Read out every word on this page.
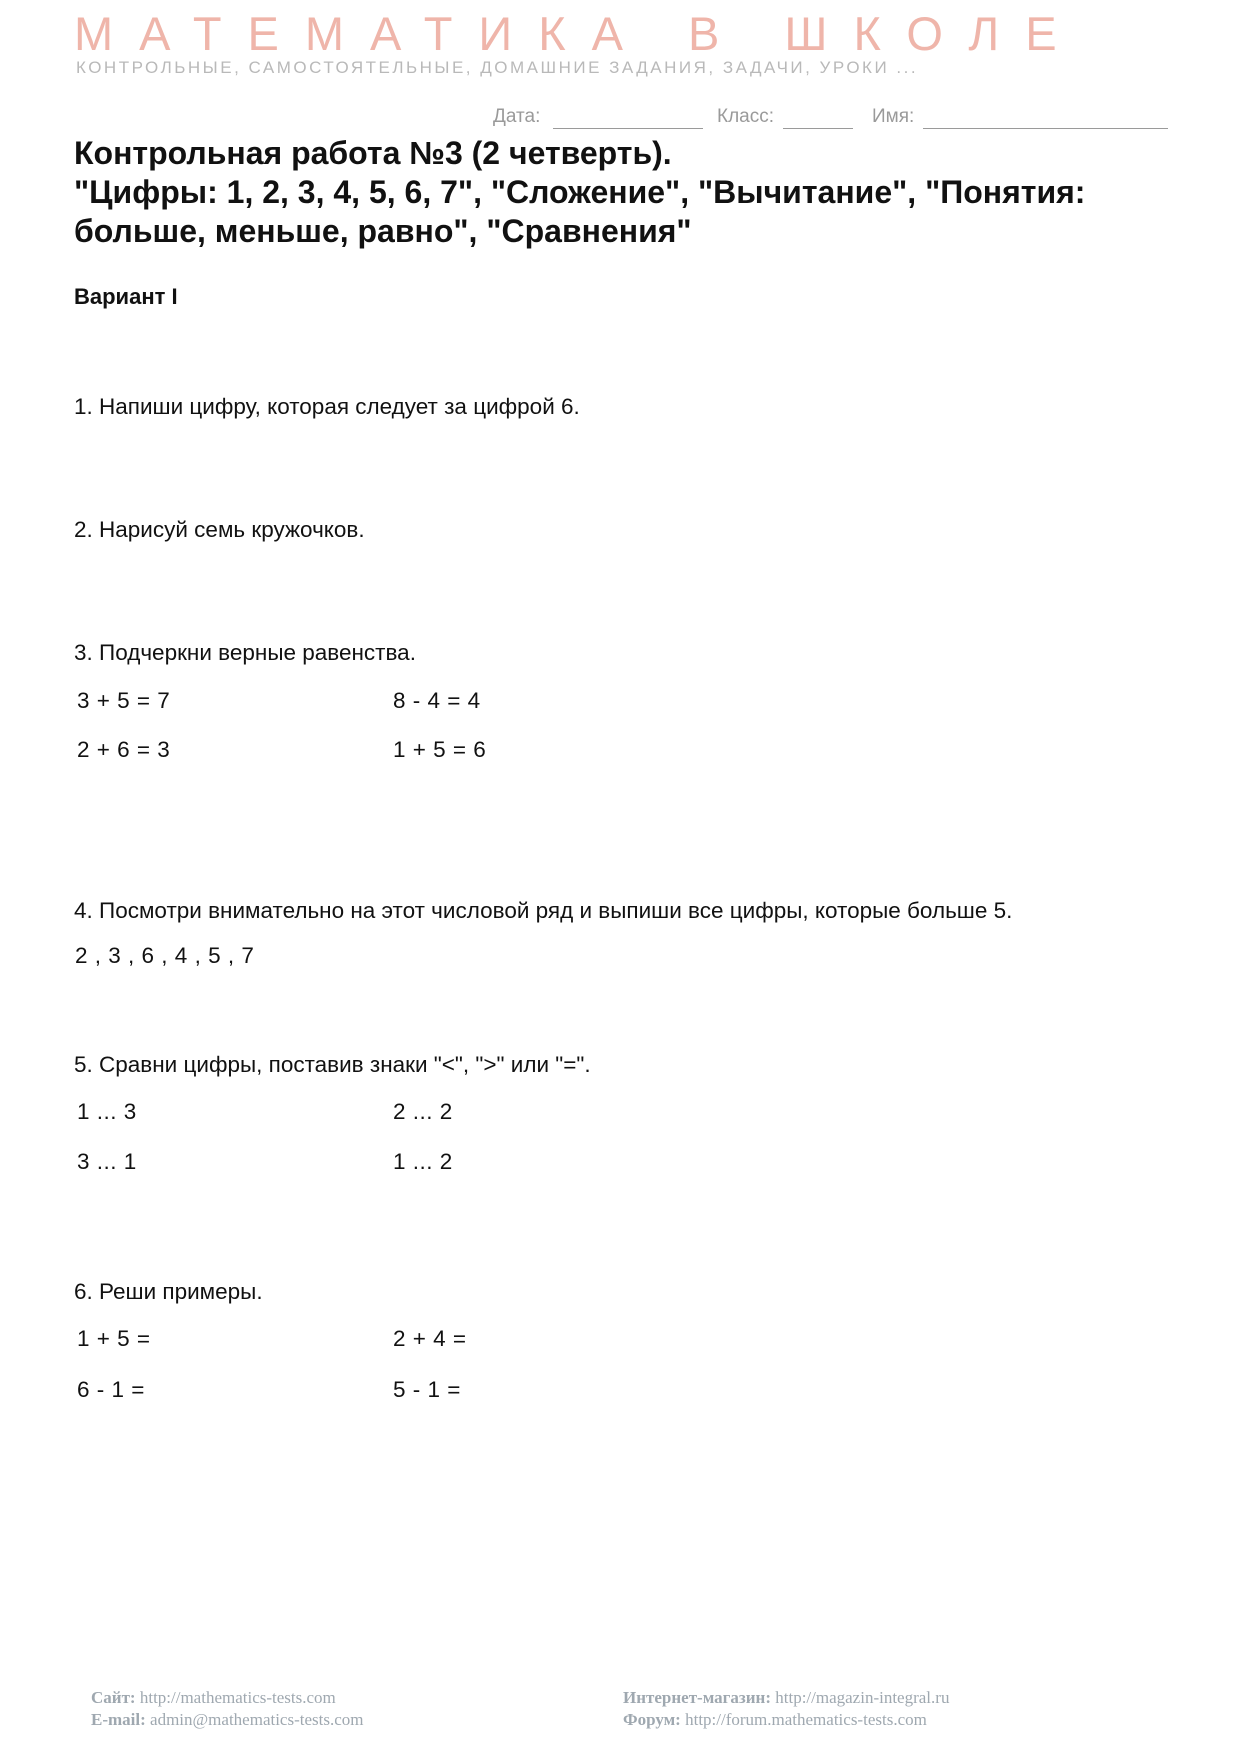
МАТЕМАТИКА В ШКОЛЕ
КОНТРОЛЬНЫЕ, САМОСТОЯТЕЛЬНЫЕ, ДОМАШНИЕ ЗАДАНИЯ, ЗАДАЧИ, УРОКИ ...
Дата:	Класс:	Имя:
Контрольная работа №3 (2 четверть).
"Цифры: 1, 2, 3, 4, 5, 6, 7", "Сложение", "Вычитание", "Понятия:
больше, меньше, равно", "Сравнения"
Вариант I
1. Напиши цифру, которая следует за цифрой 6.
2. Нарисуй семь кружочков.
3. Подчеркни верные равенства.
3 + 5 = 7	8 - 4 = 4
2 + 6 = 3	1 + 5 = 6
4. Посмотри внимательно на этот числовой ряд и выпиши все цифры, которые больше 5.
2 , 3 , 6 , 4 , 5 , 7
5. Сравни цифры, поставив знаки "<", ">" или "=".
1 ... 3	2 ... 2
3 ... 1	1 ... 2
6. Реши примеры.
1 + 5 =	2 + 4 =
6 - 1 =	5 - 1 =
Сайт: http://mathematics-tests.com
E-mail: admin@mathematics-tests.com
Интернет-магазин: http://magazin-integral.ru
Форум: http://forum.mathematics-tests.com
